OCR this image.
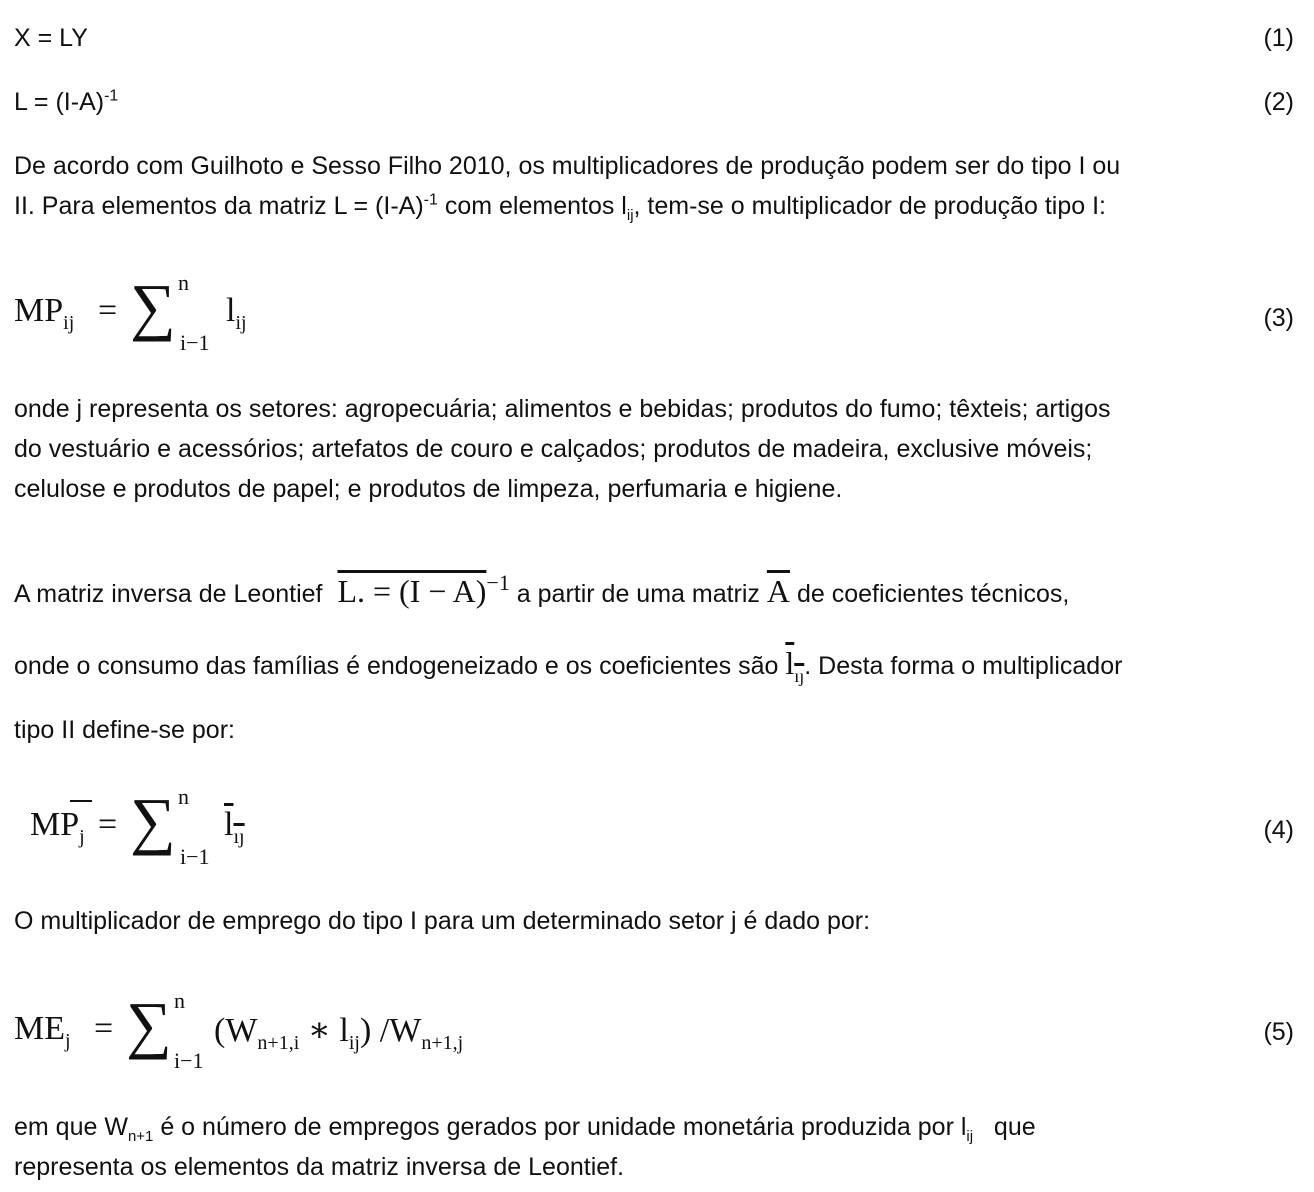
X = LY	(1)
$L = (I-A)^{-1}$	(2)
De acordo com Guilhoto e Sesso Filho 2010, os multiplicadores de produção podem ser do tipo I ou
II. Para elementos da matriz $L = (I-A)^{-1}$ com elementos $l_{ij}$, tem-se o multiplicador de produção tipo I:
$MP_{ij}$ = ∑ n
i−1
$l_{ij}$	(3)
onde j representa os setores: agropecuária; alimentos e bebidas; produtos do fumo; têxteis; artigos
do vestuário e acessórios; artefatos de couro e calçados; produtos de madeira, exclusive móveis;
celulose e produtos de papel; e produtos de limpeza, perfumaria e higiene.
A matriz inversa de Leontief L. = $(I - A)^{-1}$ a partir de uma matriz $\overline{A}$ de coeficientes técnicos,
onde o consumo das famílias é endogeneizado e os coeficientes são $l_{ıȷ}$. Desta forma o multiplicador
tipo II define-se por:
$MP_j$ = ∑ n
i−1
$l_{ıȷ}$	(4)
O multiplicador de emprego do tipo I para um determinado setor j é dado por:
$ME_j$ = ∑ n
i−1
($W_{n+1,i}$ ∗ $l_{ij}$) $/W_{n+1,j}$	(5)
em que $W_{n+1}$ é o número de empregos gerados por unidade monetária produzida por $l_{ij}$   que
representa os elementos da matriz inversa de Leontief.
